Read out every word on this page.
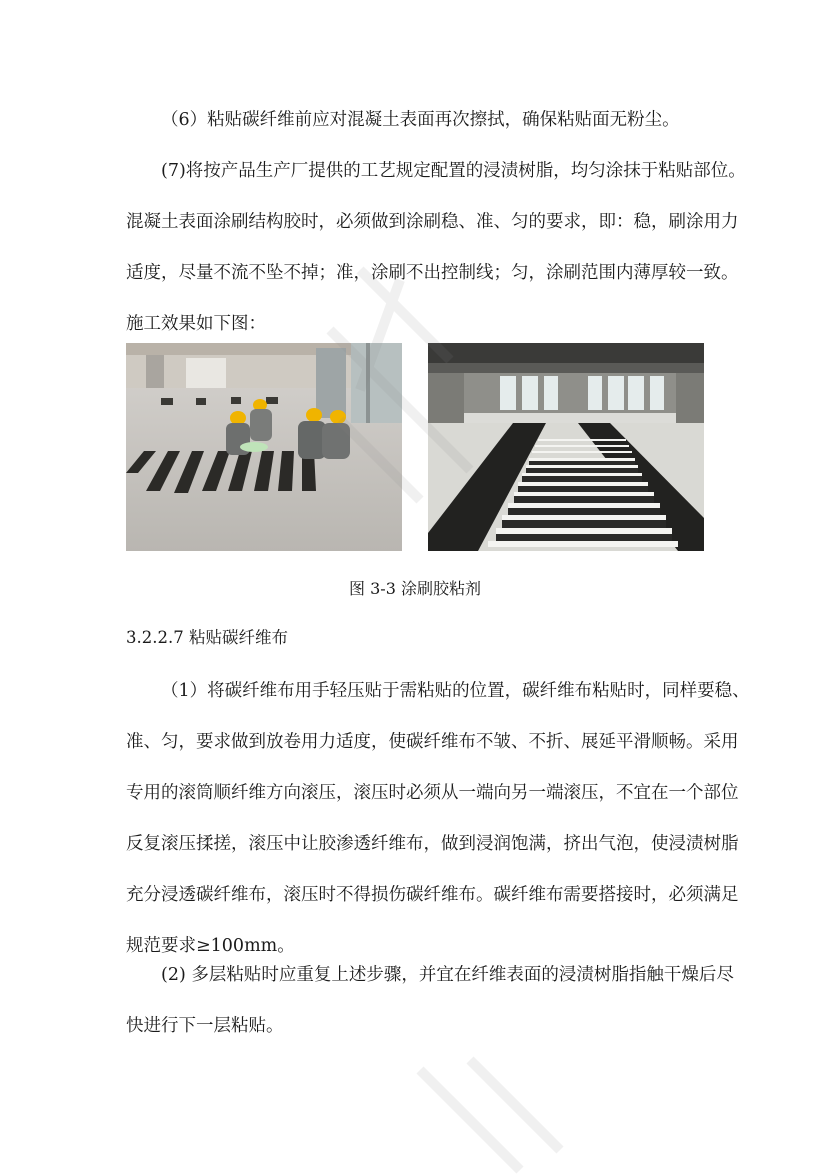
（6）粘贴碳纤维前应对混凝土表面再次擦拭，确保粘贴面无粉尘。

(7)将按产品生产厂提供的工艺规定配置的浸渍树脂，均匀涂抹于粘贴部位。
混凝土表面涂刷结构胶时，必须做到涂刷稳、准、匀的要求，即：稳，刷涂用力
适度，尽量不流不坠不掉；准，涂刷不出控制线；匀，涂刷范围内薄厚较一致。
施工效果如下图：

图 3-3 涂刷胶粘剂
3.2.2.7 粘贴碳纤维布

（1）将碳纤维布用手轻压贴于需粘贴的位置，碳纤维布粘贴时，同样要稳、
准、匀，要求做到放卷用力适度，使碳纤维布不皱、不折、展延平滑顺畅。采用
专用的滚筒顺纤维方向滚压，滚压时必须从一端向另一端滚压，不宜在一个部位
反复滚压揉搓，滚压中让胶渗透纤维布，做到浸润饱满，挤出气泡，使浸渍树脂
充分浸透碳纤维布，滚压时不得损伤碳纤维布。碳纤维布需要搭接时，必须满足
规范要求≥100mm。

(2) 多层粘贴时应重复上述步骤，并宜在纤维表面的浸渍树脂指触干燥后尽
快进行下一层粘贴。
